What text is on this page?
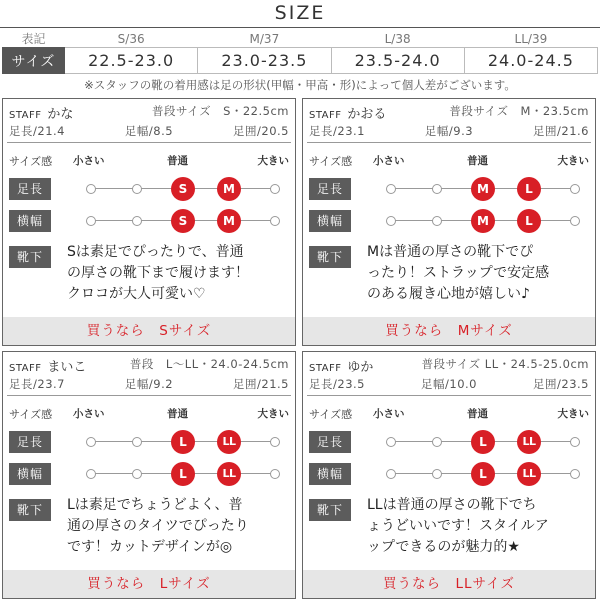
SIZE
表記	S/36	M/37	L/38	LL/39
サイズ	22.5-23.0	23.0-23.5	23.5-24.0	24.0-24.5
※スタッフの靴の着用感は足の形状(甲幅・甲高・形)によって個人差がございます。
STAFF かな	普段サイズ　S・22.5cm
足長/21.4	足幅/8.5	足囲/20.5
サイズ感 小さい	普通	大きい
足長	S	M
横幅	S	M
靴下	Sは素足でぴったりで、普通
の厚さの靴下まで履けます！
クロコが大人可愛い♡
買うなら　Sサイズ
STAFF かおる	普段サイズ　M・23.5cm
足長/23.1	足幅/9.3	足囲/21.6
サイズ感 小さい	普通	大きい
足長	M	L
横幅	M	L
靴下	Mは普通の厚さの靴下でぴ
ったり！ストラップで安定感
のある履き心地が嬉しい♪
買うなら　Mサイズ
STAFF まいこ	普段　L〜LL・24.0-24.5cm
足長/23.7	足幅/9.2	足囲/21.5
サイズ感 小さい	普通	大きい
足長	L	LL
横幅	L	LL
靴下	Lは素足でちょうどよく、普
通の厚さのタイツでぴったり
です！カットデザインが◎
買うなら　Lサイズ
STAFF ゆか	普段サイズ LL・24.5-25.0cm
足長/23.5	足幅/10.0	足囲/23.5
サイズ感 小さい	普通	大きい
足長	L	LL
横幅	L	LL
靴下	LLは普通の厚さの靴下でち
ょうどいいです！スタイルア
ップできるのが魅力的★
買うなら　LLサイズ
